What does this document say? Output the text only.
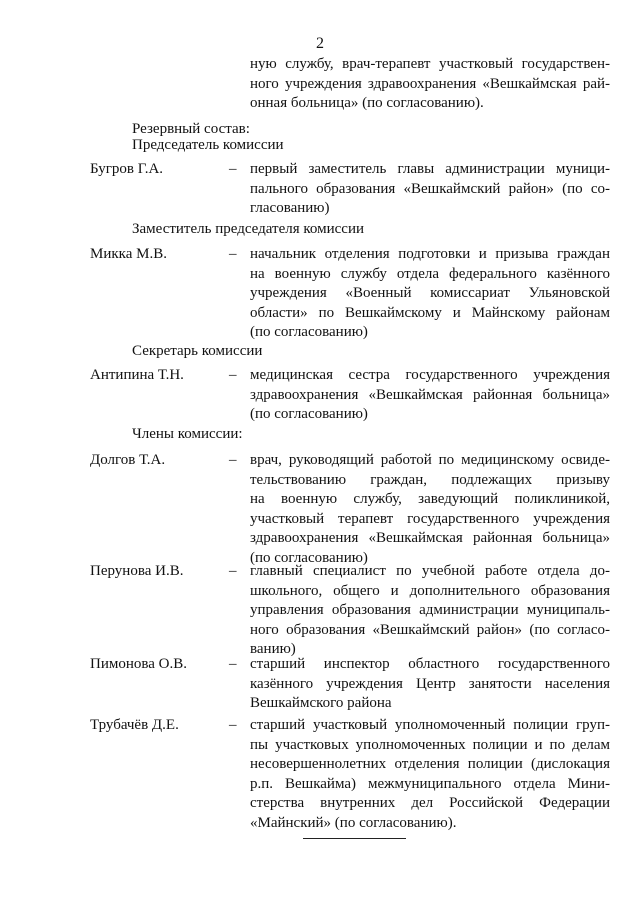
2
ную службу, врач-терапевт участковый государствен-
ного учреждения здравоохранения «Вешкаймская рай-
онная больница» (по согласованию).
Резервный состав:
Председатель комиссии
Бугров Г.А.	– первый заместитель главы администрации муници-
пального образования «Вешкаймский район» (по со-
гласованию)
Заместитель председателя комиссии
Микка М.В.	– начальник отделения подготовки и призыва граждан
на военную службу отдела федерального казённого
учреждения «Военный комиссариат Ульяновской
области» по Вешкаймскому и Майнскому районам
(по согласованию)
Секретарь комиссии
Антипина Т.Н.	– медицинская сестра государственного учреждения
здравоохранения «Вешкаймская районная больница»
(по согласованию)
Члены комиссии:
Долгов Т.А.	– врач, руководящий работой по медицинскому освиде-
тельствованию граждан, подлежащих призыву
на военную службу, заведующий поликлиникой,
участковый терапевт государственного учреждения
здравоохранения «Вешкаймская районная больница»
(по согласованию)
Перунова И.В.	– главный специалист по учебной работе отдела до-
школьного, общего и дополнительного образования
управления образования администрации муниципаль-
ного образования «Вешкаймский район» (по согласо-
ванию)
Пимонова О.В.	– старший инспектор областного государственного
казённого учреждения Центр занятости населения
Вешкаймского района
Трубачёв Д.Е.	– старший участковый уполномоченный полиции груп-
пы участковых уполномоченных полиции и по делам
несовершеннолетних отделения полиции (дислокация
р.п. Вешкайма) межмуниципального отдела Мини-
стерства внутренних дел Российской Федерации
«Майнский» (по согласованию).
